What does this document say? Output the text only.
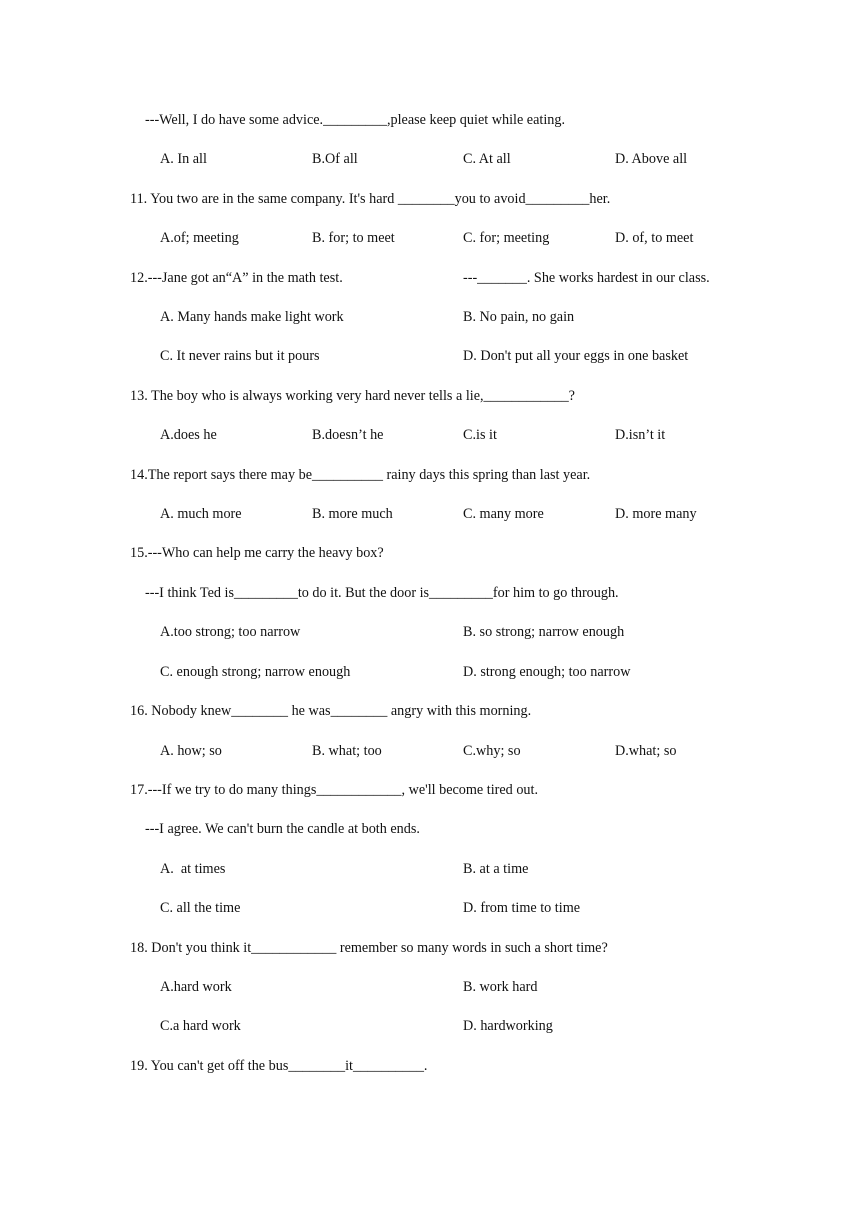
---Well, I do have some advice._________,please keep quiet while eating.
A. In all	B.Of all	C. At all	D. Above all
11. You two are in the same company. It's hard ________you to avoid_________her.
A.of; meeting	B. for; to meet	C. for; meeting	D. of, to meet
12.---Jane got an“A” in the math test.	---_______. She works hardest in our class.
A. Many hands make light work	B. No pain, no gain
C. It never rains but it pours	D. Don't put all your eggs in one basket
13. The boy who is always working very hard never tells a lie,____________?
A.does he	B.doesn’t he	C.is it	D.isn’t it
14.The report says there may be__________ rainy days this spring than last year.
A. much more	B. more much	C. many more	D. more many
15.---Who can help me carry the heavy box?
---I think Ted is_________to do it. But the door is_________for him to go through.
A.too strong; too narrow	B. so strong; narrow enough
C. enough strong; narrow enough	D. strong enough; too narrow
16. Nobody knew________ he was________ angry with this morning.
A. how; so	B. what; too	C.why; so	D.what; so
17.---If we try to do many things____________, we'll become tired out.
---I agree. We can't burn the candle at both ends.
A.  at times	B. at a time
C. all the time	D. from time to time
18. Don't you think it____________ remember so many words in such a short time?
A.hard work	B. work hard
C.a hard work	D. hardworking
19. You can't get off the bus________it__________.
